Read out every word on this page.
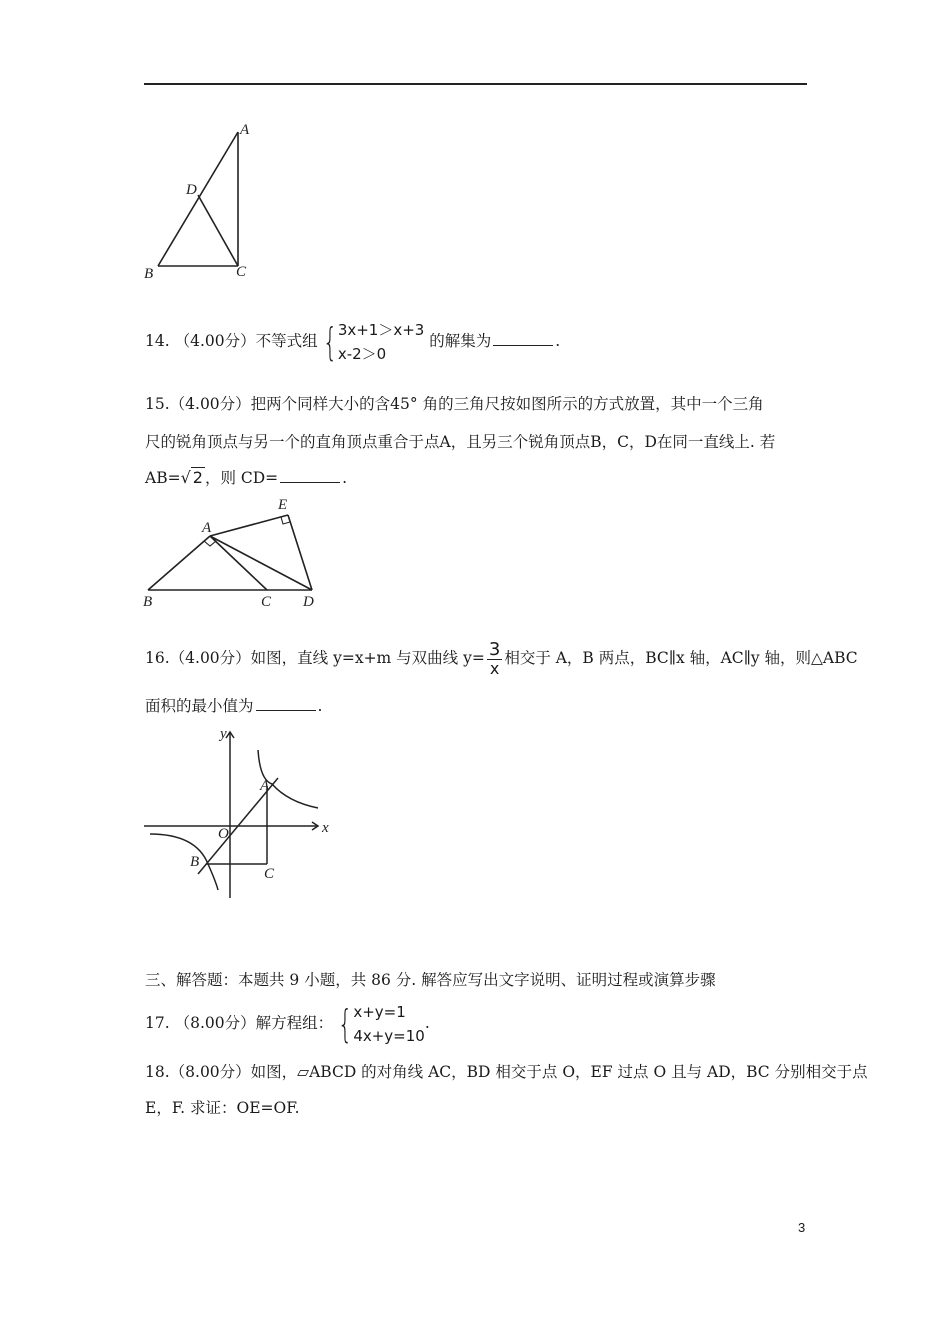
A
D
B	C
14. （4.00分）不等式组 { 3x+1＞x+3
x-2＞0
的解集为	.
15.（4.00分）把两个同样大小的含45° 角的三角尺按如图所示的方式放置，其中一个三角
尺的锐角顶点与另一个的直角顶点重合于点A，且另三个锐角顶点B，C，D在同一直线上. 若
AB=√ 2 ，则 CD=	.
A
E
B	C D
16.（4.00分）如图，直线 y=x+m 与双曲线 $y= \frac{3}{x}$ 相交于 A，B 两点，BC∥x 轴，AC∥y 轴，则△ABC
面积的最小值为	.
y
x
O
A
B
C
三、解答题：本题共 9 小题，共 86 分. 解答应写出文字说明、证明过程或演算步骤
17. （8.00分）解方程组： { x+y=1
4x+y=10
.
18.（8.00分）如图，▱ABCD 的对角线 AC，BD 相交于点 O，EF 过点 O 且与 AD，BC 分别相交于点
E，F. 求证：OE=OF.
3
